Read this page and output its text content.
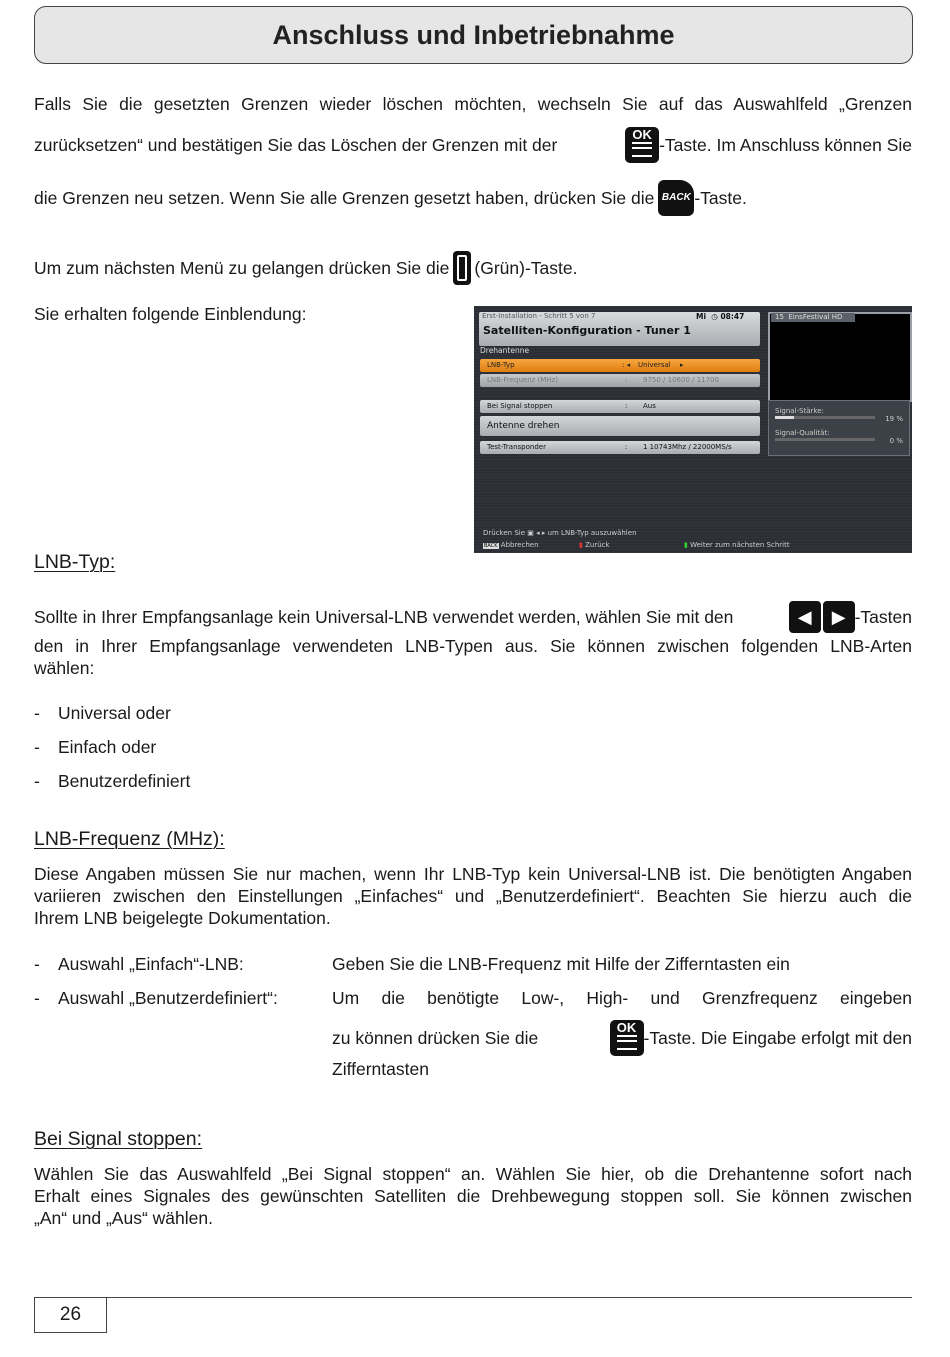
Anschluss und Inbetriebnahme
Falls Sie die gesetzten Grenzen wieder löschen möchten, wechseln Sie auf das Auswahlfeld „Grenzen
zurücksetzen“ und bestätigen Sie das Löschen der Grenzen mit der
OK
-Taste. Im Anschluss können Sie
die Grenzen neu setzen. Wenn Sie alle Grenzen gesetzt haben, drücken Sie die BACK -Taste.
Um zum nächsten Menü zu gelangen drücken Sie die (Grün)-Taste.
Sie erhalten folgende Einblendung:	Erst-Installation - Schritt 5 von 7	Mi  ◷ 08:47
Satelliten-Konfiguration - Tuner 1
Drehantenne
LNB-Typ	: ◂ Universal ▸
LNB-Frequenz (MHz)	: 9750 / 10600 / 11700
Bei Signal stoppen	: Aus
Antenne drehen
Test-Transponder	: 1 10743Mhz / 22000MS/s
15 EinsFestival HD
Signal-Stärke:
19 %
Signal-Qualität:
0 %
Drücken Sie ▣ ◂ ▸ um LNB-Typ auszuwählen
BACK Abbrechen	▮ Zurück	▮ Weiter zum nächsten Schritt
LNB-Typ:
Sollte in Ihrer Empfangsanlage kein Universal-LNB verwendet werden, wählen Sie mit den	◀	▶ -Tasten
den in Ihrer Empfangsanlage verwendeten LNB-Typen aus. Sie können zwischen folgenden LNB-Arten
wählen:
- Universal oder
- Einfach oder
- Benutzerdefiniert
LNB-Frequenz (MHz):
Diese Angaben müssen Sie nur machen, wenn Ihr LNB-Typ kein Universal-LNB ist. Die benötigten Angaben
variieren zwischen den Einstellungen „Einfaches“ und „Benutzerdefiniert“. Beachten Sie hierzu auch die
Ihrem LNB beigelegte Dokumentation.
- Auswahl „Einfach“-LNB:	Geben Sie die LNB-Frequenz mit Hilfe der Zifferntasten ein
- Auswahl „Benutzerdefiniert“:	Um die benötigte Low-, High- und Grenzfrequenz eingeben
zu können drücken Sie die
OK
-Taste. Die Eingabe erfolgt mit den
Zifferntasten
Bei Signal stoppen:
Wählen Sie das Auswahlfeld „Bei Signal stoppen“ an. Wählen Sie hier, ob die Drehantenne sofort nach
Erhalt eines Signales des gewünschten Satelliten die Drehbewegung stoppen soll. Sie können zwischen
„An“ und „Aus“ wählen.
26
